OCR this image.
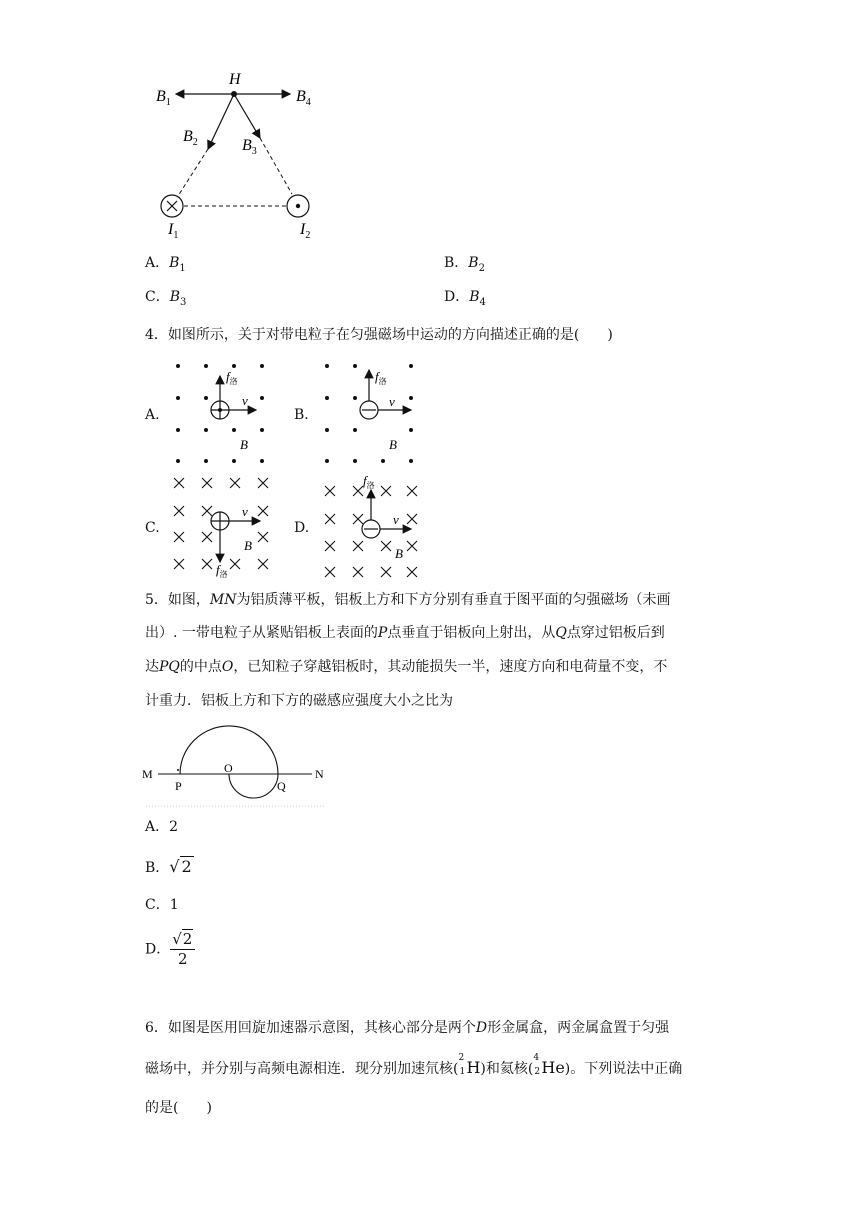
H
$B_1$	$B_4$
$B_2$	$B_3$
$I_1$	$I_2$
A．$B_1$	B．$B_2$
C．$B_3$	D．$B_4$
4．如图所示，关于对带电粒子在匀强磁场中运动的方向描述正确的是(　　)
A.	B.
C.	D.
$f_洛$
v
B
$f_洛$
v
B
v
B
$f_洛$
$f_洛$
v
B
5．如图，MN为铝质薄平板，铝板上方和下方分别有垂直于图平面的匀强磁场（未画
出）. 一带电粒子从紧贴铝板上表面的P点垂直于铝板向上射出，从Q点穿过铝板后到
达PQ的中点O，已知粒子穿越铝板时，其动能损失一半，速度方向和电荷量不变，不
计重力．铝板上方和下方的磁感应强度大小之比为
M	N
P
O
Q
A．2
B．√ 2
C．1
D． $\frac{√2}{2}$
6．如图是医用回旋加速器示意图，其核心部分是两个D形金属盒，两金属盒置于匀强
磁场中，并分别与高频电源相连．现分别加速氘核(
2
1 H)和氦核(
4
2 He)。下列说法中正确
的是(　　)
